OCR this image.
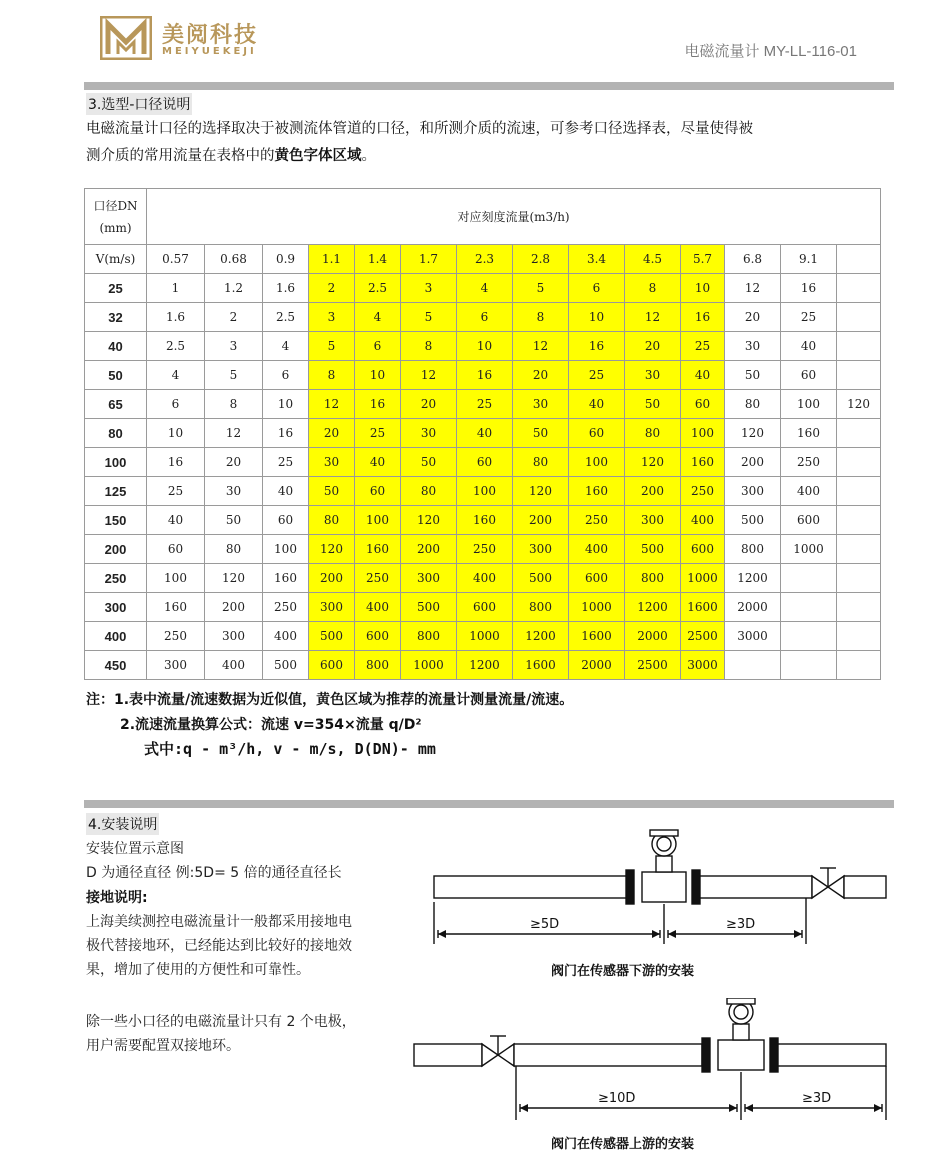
美阅科技
MEIYUEKEJI	电磁流量计 MY-LL-116-01
3.选型-口径说明
电磁流量计口径的选择取决于被测流体管道的口径，和所测介质的流速，可参考口径选择表，尽量使得被
测介质的常用流量在表格中的黄色字体区域。
口径DN
(mm)	对应刻度流量(m3/h)													
V(m/s)	0.57	0.68	0.9	1.1	1.4	1.7	2.3	2.8	3.4	4.5	5.7	6.8	9.1	
25	1	1.2	1.6	2	2.5	3	4	5	6	8	10	12	16	
32	1.6	2	2.5	3	4	5	6	8	10	12	16	20	25	
40	2.5	3	4	5	6	8	10	12	16	20	25	30	40	
50	4	5	6	8	10	12	16	20	25	30	40	50	60	
65	6	8	10	12	16	20	25	30	40	50	60	80	100	120
80	10	12	16	20	25	30	40	50	60	80	100	120	160	
100	16	20	25	30	40	50	60	80	100	120	160	200	250	
125	25	30	40	50	60	80	100	120	160	200	250	300	400	
150	40	50	60	80	100	120	160	200	250	300	400	500	600	
200	60	80	100	120	160	200	250	300	400	500	600	800	1000	
250	100	120	160	200	250	300	400	500	600	800	1000	1200		
300	160	200	250	300	400	500	600	800	1000	1200	1600	2000		
400	250	300	400	500	600	800	1000	1200	1600	2000	2500	3000		
450	300	400	500	600	800	1000	1200	1600	2000	2500	3000			
注：1.表中流量/流速数据为近似值，黄色区域为推荐的流量计测量流量/流速。
2.流速流量换算公式：流速 v=354×流量 q/D²
式中:q - m³/h, v - m/s, D(DN)- mm
4.安装说明
安装位置示意图
D 为通径直径 例:5D= 5 倍的通径直径长
接地说明:
上海美续测控电磁流量计一般都采用接地电
极代替接地环，已经能达到比较好的接地效
果，增加了使用的方便性和可靠性。
除一些小口径的电磁流量计只有 2 个电极，
用户需要配置双接地环。
≥5D	≥3D
阀门在传感器下游的安装
≥10D	≥3D
阀门在传感器上游的安装
